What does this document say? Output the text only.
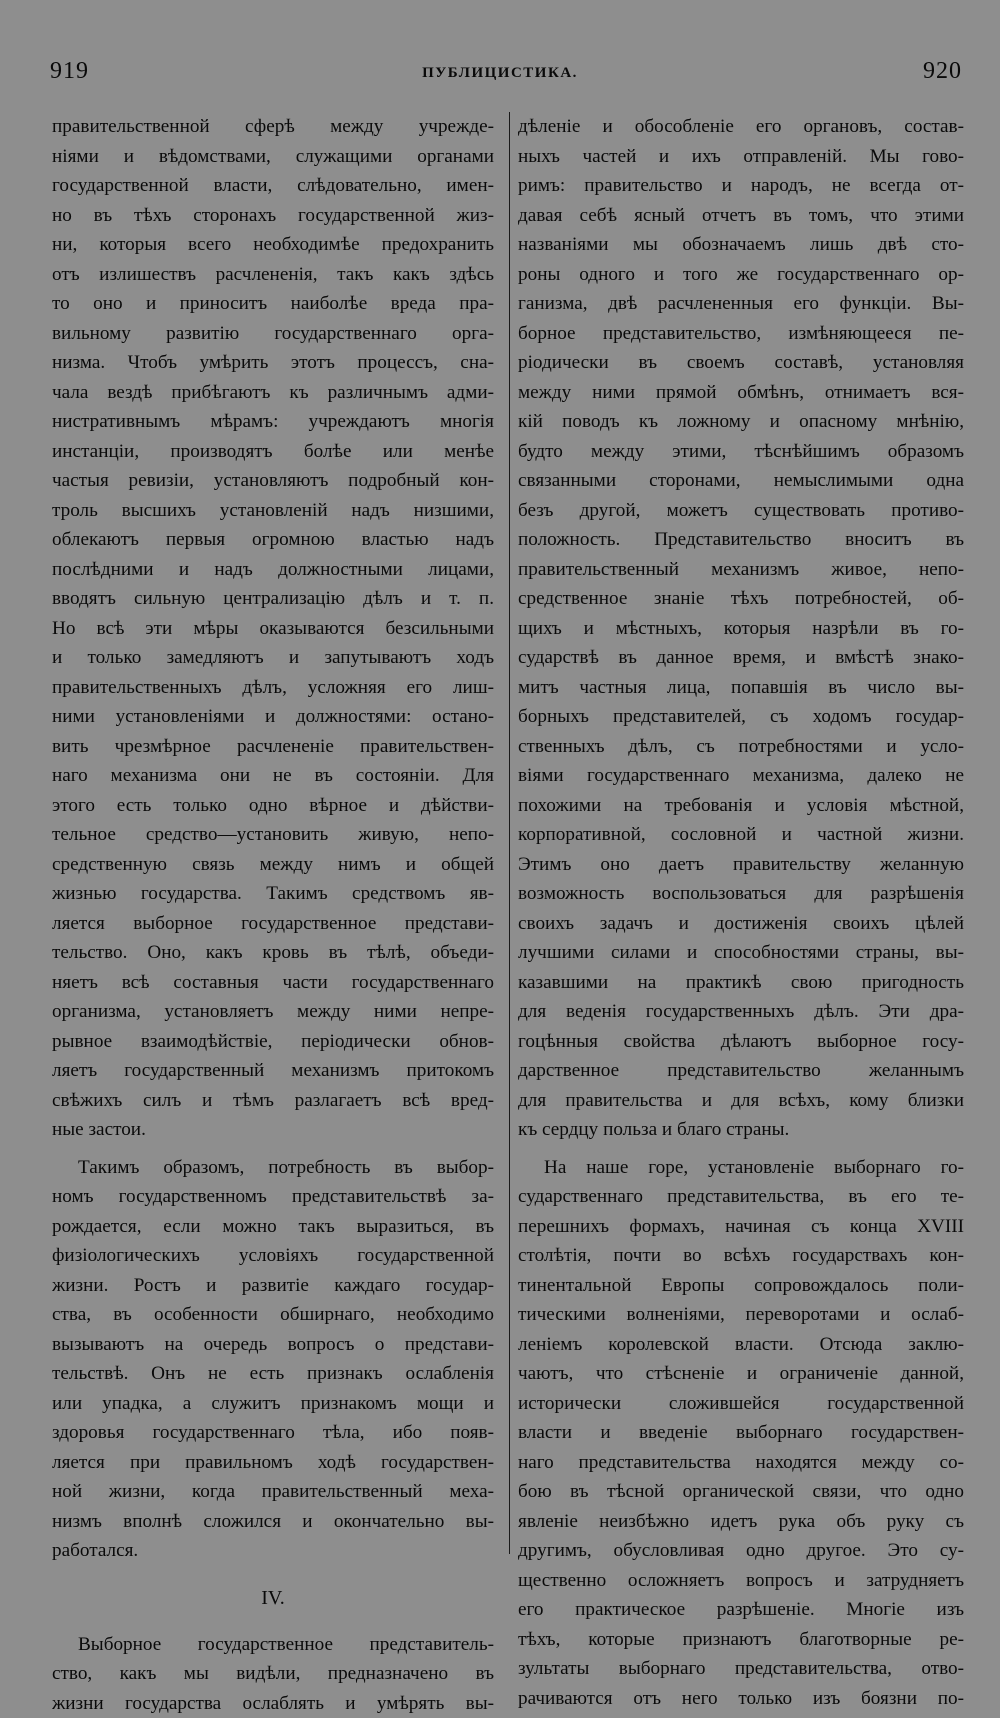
919	ПУБЛИЦИСТИКА.	920
правительственной сферѣ между учрежде-
ніями и вѣдомствами, служащими органами
государственной власти, слѣдовательно, имен-
но въ тѣхъ сторонахъ государственной жиз-
ни, которыя всего необходимѣе предохранить
отъ излишествъ расчлененія, такъ какъ здѣсь
то оно и приноситъ наиболѣе вреда пра-
вильному развитію государственнаго орга-
низма. Чтобъ умѣрить этотъ процессъ, сна-
чала вездѣ прибѣгаютъ къ различнымъ адми-
нистративнымъ мѣрамъ: учреждаютъ многія
инстанціи, производятъ болѣе или менѣе
частыя ревизіи, установляютъ подробный кон-
троль высшихъ установленій надъ низшими,
облекаютъ первыя огромною властью надъ
послѣдними и надъ должностными лицами,
вводятъ сильную централизацію дѣлъ и т. п.
Но всѣ эти мѣры оказываются безсильными
и только замедляютъ и запутываютъ ходъ
правительственныхъ дѣлъ, усложняя его лиш-
ними установленіями и должностями: остано-
вить чрезмѣрное расчлененіе правительствен-
наго механизма они не въ состояніи. Для
этого есть только одно вѣрное и дѣйстви-
тельное средство—установить живую, непо-
средственную связь между нимъ и общей
жизнью государства. Такимъ средствомъ яв-
ляется выборное государственное представи-
тельство. Оно, какъ кровь въ тѣлѣ, объеди-
няетъ всѣ составныя части государственнаго
организма, установляетъ между ними непре-
рывное взаимодѣйствіе, періодически обнов-
ляетъ государственный механизмъ притокомъ
свѣжихъ силъ и тѣмъ разлагаетъ всѣ вред-
ные застои.
Такимъ образомъ, потребность въ выбор-
номъ государственномъ представительствѣ за-
рождается, если можно такъ выразиться, въ
физіологическихъ условіяхъ государственной
жизни. Ростъ и развитіе каждаго государ-
ства, въ особенности обширнаго, необходимо
вызываютъ на очередь вопросъ о представи-
тельствѣ. Онъ не есть признакъ ослабленія
или упадка, а служитъ признакомъ мощи и
здоровья государственнаго тѣла, ибо появ-
ляется при правильномъ ходѣ государствен-
ной жизни, когда правительственный меха-
низмъ вполнѣ сложился и окончательно вы-
работался.
IV.
Выборное государственное представитель-
ство, какъ мы видѣли, предназначено въ
жизни государства ослаблять и умѣрять вы-
дѣленіе и обособленіе его органовъ, состав-
ныхъ частей и ихъ отправленій. Мы гово-
римъ: правительство и народъ, не всегда от-
давая себѣ ясный отчетъ въ томъ, что этими
названіями мы обозначаемъ лишь двѣ сто-
роны одного и того же государственнаго ор-
ганизма, двѣ расчлененныя его функціи. Вы-
борное представительство, измѣняющееся пе-
ріодически въ своемъ составѣ, установляя
между ними прямой обмѣнъ, отнимаетъ вся-
кій поводъ къ ложному и опасному мнѣнію,
будто между этими, тѣснѣйшимъ образомъ
связанными сторонами, немыслимыми одна
безъ другой, можетъ существовать противо-
положность. Представительство вноситъ въ
правительственный механизмъ живое, непо-
средственное знаніе тѣхъ потребностей, об-
щихъ и мѣстныхъ, которыя назрѣли въ го-
сударствѣ въ данное время, и вмѣстѣ знако-
митъ частныя лица, попавшія въ число вы-
борныхъ представителей, съ ходомъ государ-
ственныхъ дѣлъ, съ потребностями и усло-
віями государственнаго механизма, далеко не
похожими на требованія и условія мѣстной,
корпоративной, сословной и частной жизни.
Этимъ оно даетъ правительству желанную
возможность воспользоваться для разрѣшенія
своихъ задачъ и достиженія своихъ цѣлей
лучшими силами и способностями страны, вы-
казавшими на практикѣ свою пригодность
для веденія государственныхъ дѣлъ. Эти дра-
гоцѣнныя свойства дѣлаютъ выборное госу-
дарственное представительство желаннымъ
для правительства и для всѣхъ, кому близки
къ сердцу польза и благо страны.
На наше горе, установленіе выборнаго го-
сударственнаго представительства, въ его те-
перешнихъ формахъ, начиная съ конца XVIII
столѣтія, почти во всѣхъ государствахъ кон-
тинентальной Европы сопровождалось поли-
тическими волненіями, переворотами и ослаб-
леніемъ королевской власти. Отсюда заклю-
чаютъ, что стѣсненіе и ограниченіе данной,
исторически сложившейся государственной
власти и введеніе выборнаго государствен-
наго представительства находятся между со-
бою въ тѣсной органической связи, что одно
явленіе неизбѣжно идетъ рука объ руку съ
другимъ, обусловливая одно другое. Это су-
щественно осложняетъ вопросъ и затрудняетъ
его практическое разрѣшеніе. Многіе изъ
тѣхъ, которые признаютъ благотворные ре-
зультаты выборнаго представительства, отво-
рачиваются отъ него только изъ боязни по-
